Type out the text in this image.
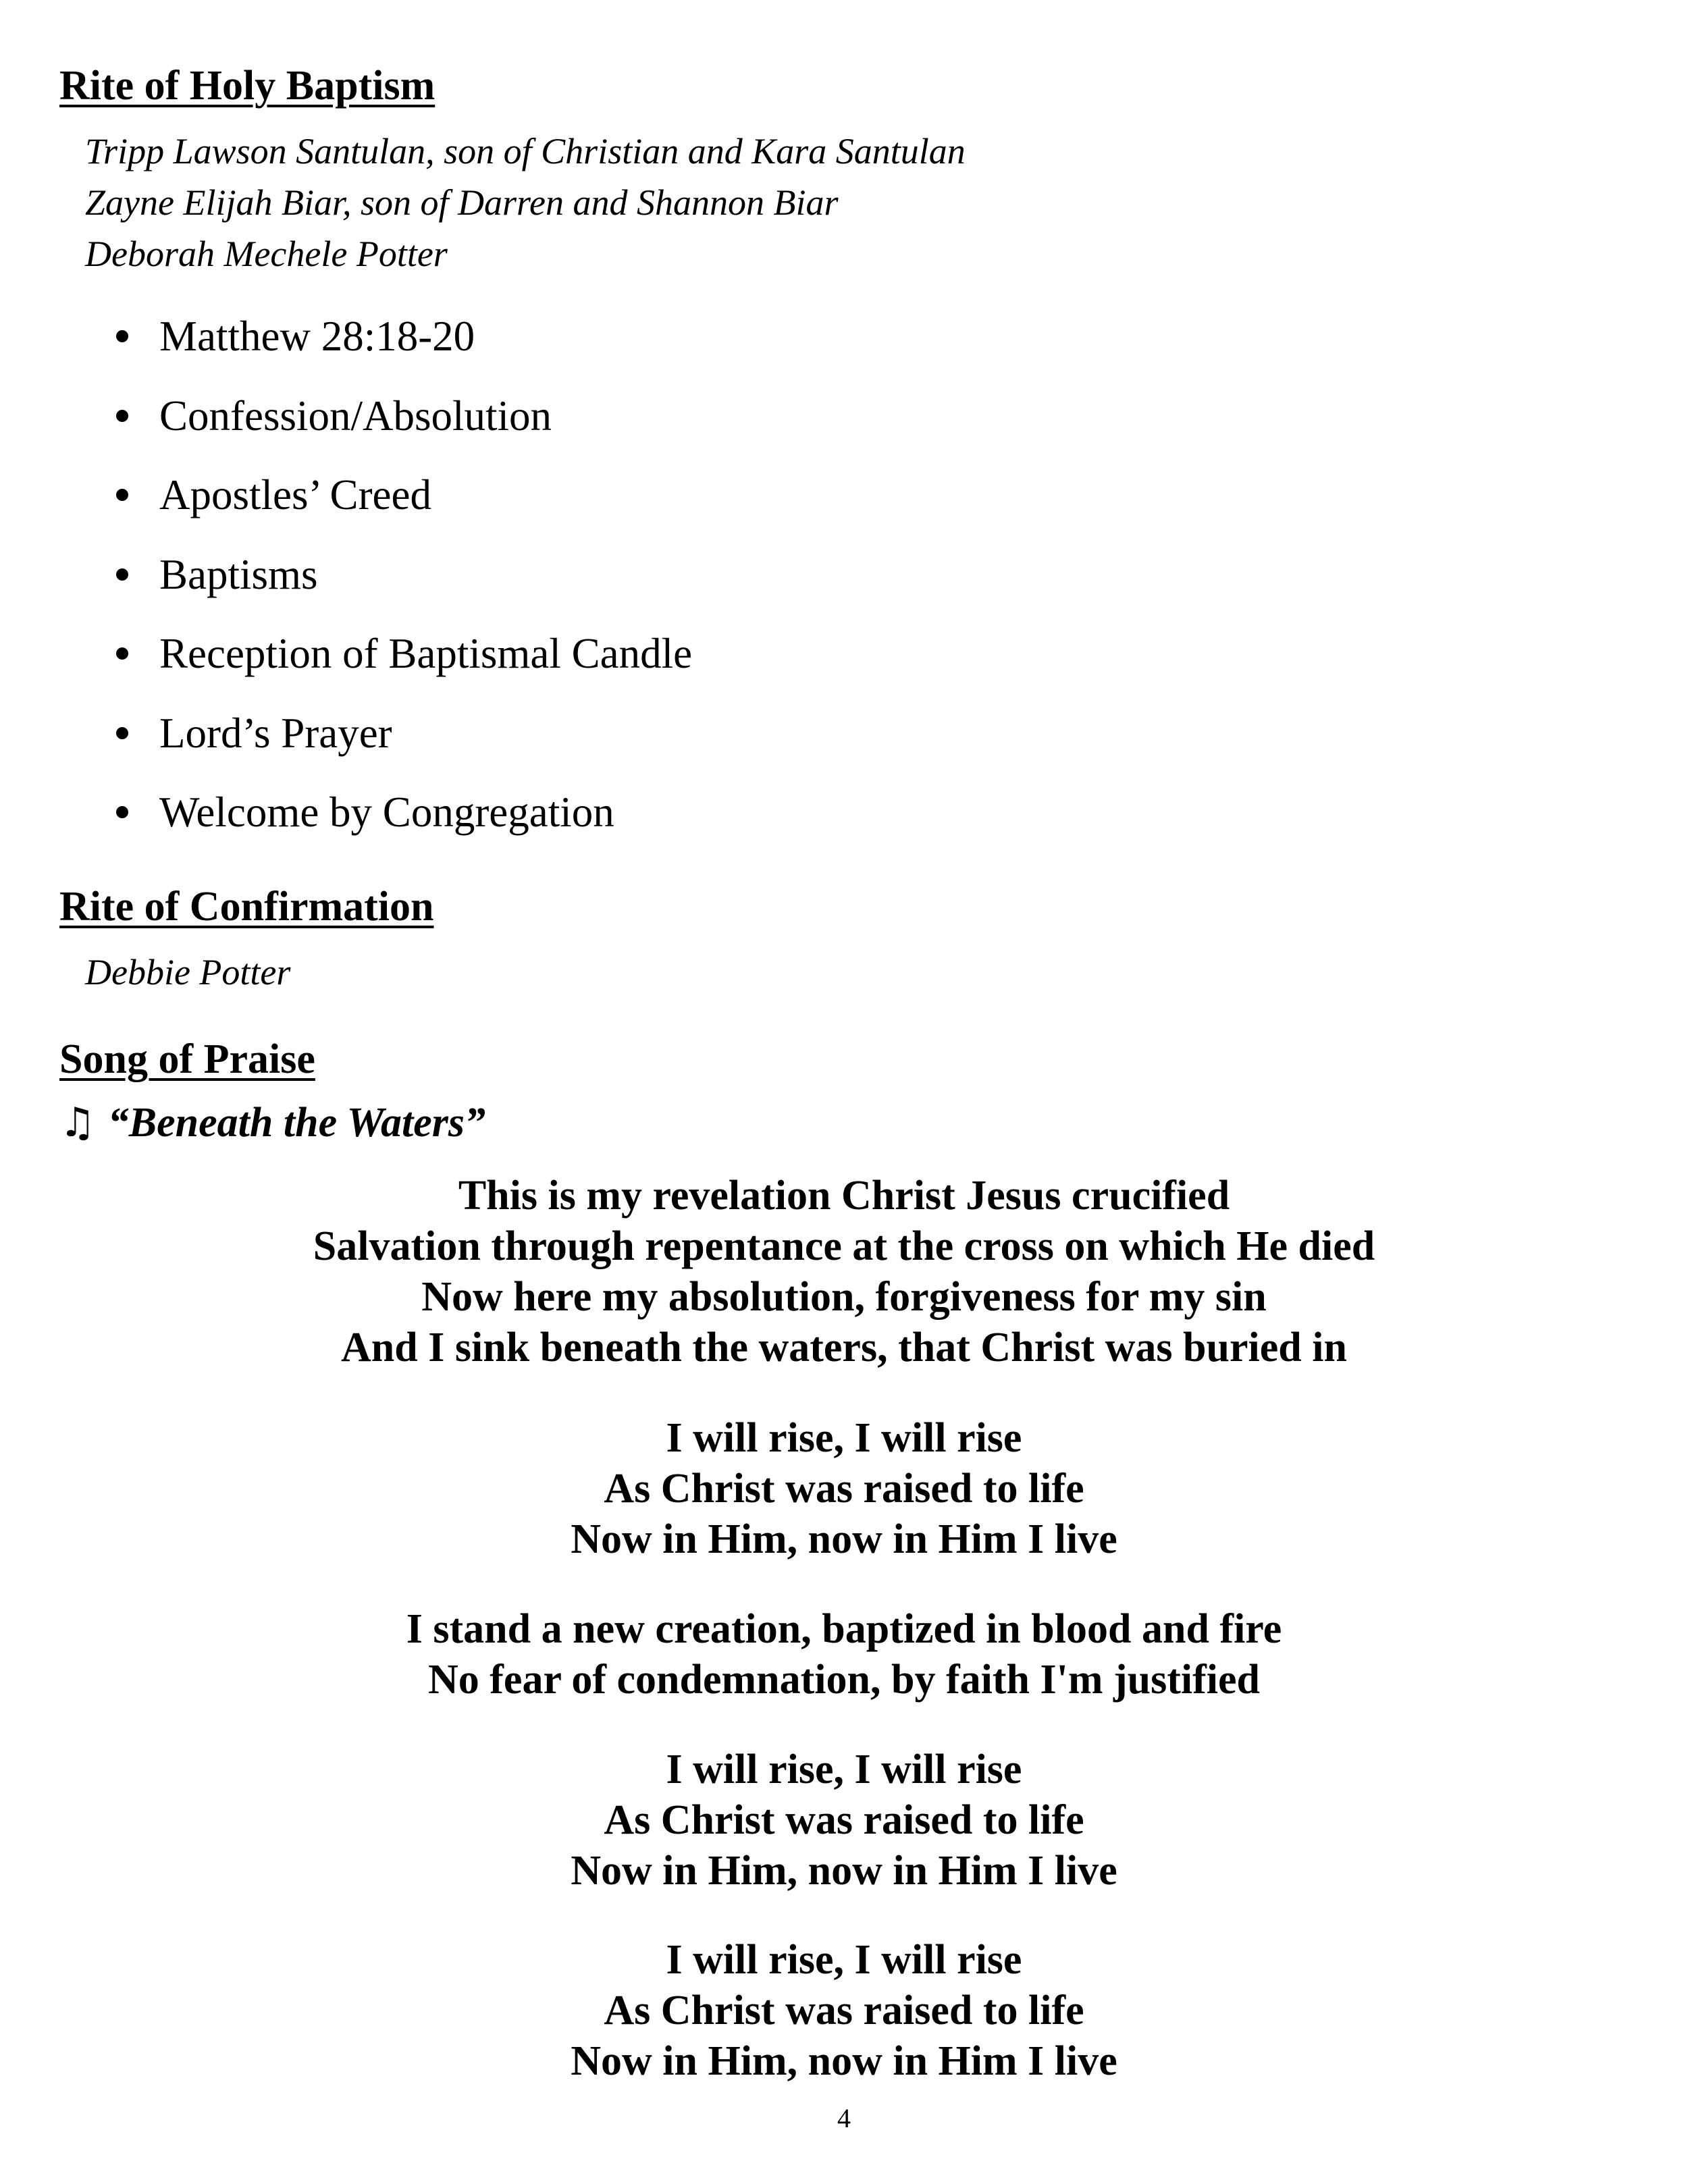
Rite of Holy Baptism
Tripp Lawson Santulan, son of Christian and Kara Santulan
Zayne Elijah Biar, son of Darren and Shannon Biar
Deborah Mechele Potter
Matthew 28:18-20
Confession/Absolution
Apostles’ Creed
Baptisms
Reception of Baptismal Candle
Lord’s Prayer
Welcome by Congregation
Rite of Confirmation
Debbie Potter
Song of Praise
♫ “Beneath the Waters”
This is my revelation Christ Jesus crucified
Salvation through repentance at the cross on which He died
Now here my absolution, forgiveness for my sin
And I sink beneath the waters, that Christ was buried in
I will rise, I will rise
As Christ was raised to life
Now in Him, now in Him I live
I stand a new creation, baptized in blood and fire
No fear of condemnation, by faith I'm justified
I will rise, I will rise
As Christ was raised to life
Now in Him, now in Him I live
I will rise, I will rise
As Christ was raised to life
Now in Him, now in Him I live
4
